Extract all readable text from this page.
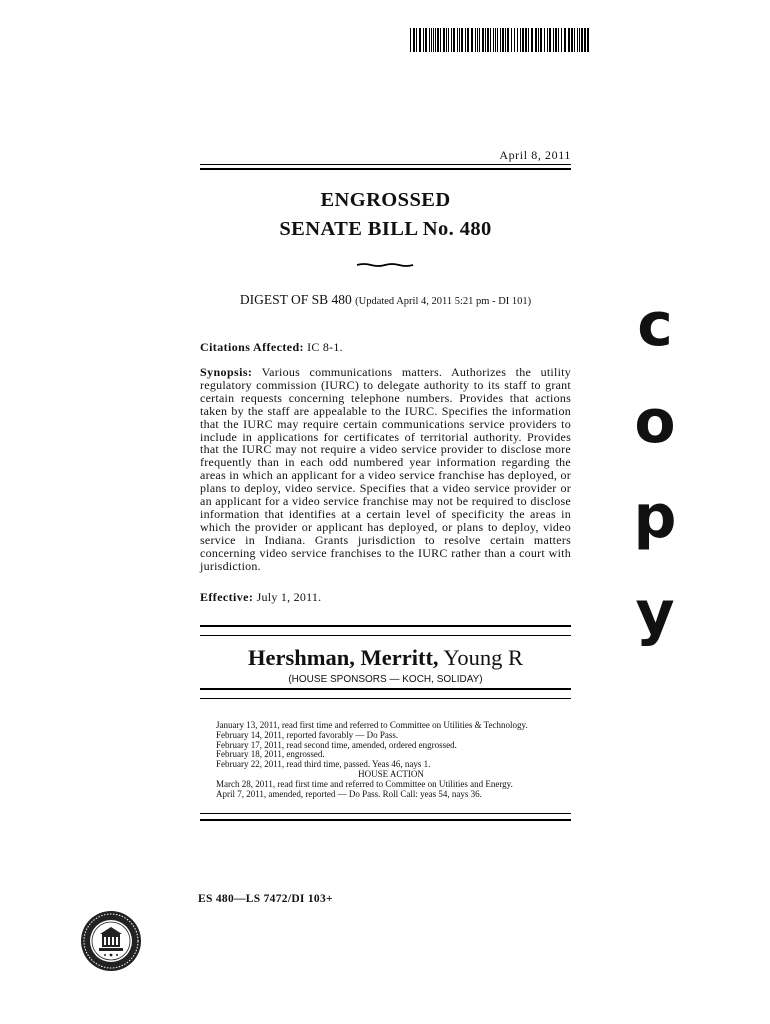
April 8, 2011
ENGROSSED
SENATE BILL No. 480
DIGEST OF SB 480 (Updated April 4, 2011 5:21 pm - DI 101)
Citations Affected: IC 8-1.
Synopsis: Various communications matters. Authorizes the utility regulatory commission (IURC) to delegate authority to its staff to grant certain requests concerning telephone numbers. Provides that actions taken by the staff are appealable to the IURC. Specifies the information that the IURC may require certain communications service providers to include in applications for certificates of territorial authority. Provides that the IURC may not require a video service provider to disclose more frequently than in each odd numbered year information regarding the areas in which an applicant for a video service franchise has deployed, or plans to deploy, video service. Specifies that a video service provider or an applicant for a video service franchise may not be required to disclose information that identifies at a certain level of specificity the areas in which the provider or applicant has deployed, or plans to deploy, video service in Indiana. Grants jurisdiction to resolve certain matters concerning video service franchises to the IURC rather than a court with jurisdiction.
Effective: July 1, 2011.
Hershman, Merritt, Young R
(HOUSE SPONSORS — KOCH, SOLIDAY)
January 13, 2011, read first time and referred to Committee on Utilities & Technology.
February 14, 2011, reported favorably — Do Pass.
February 17, 2011, read second time, amended, ordered engrossed.
February 18, 2011, engrossed.
February 22, 2011, read third time, passed. Yeas 46, nays 1.
HOUSE ACTION
March 28, 2011, read first time and referred to Committee on Utilities and Energy.
April 7, 2011, amended, reported — Do Pass. Roll Call: yeas 54, nays 36.
ES 480—LS 7472/DI 103+
c
o
p
y
